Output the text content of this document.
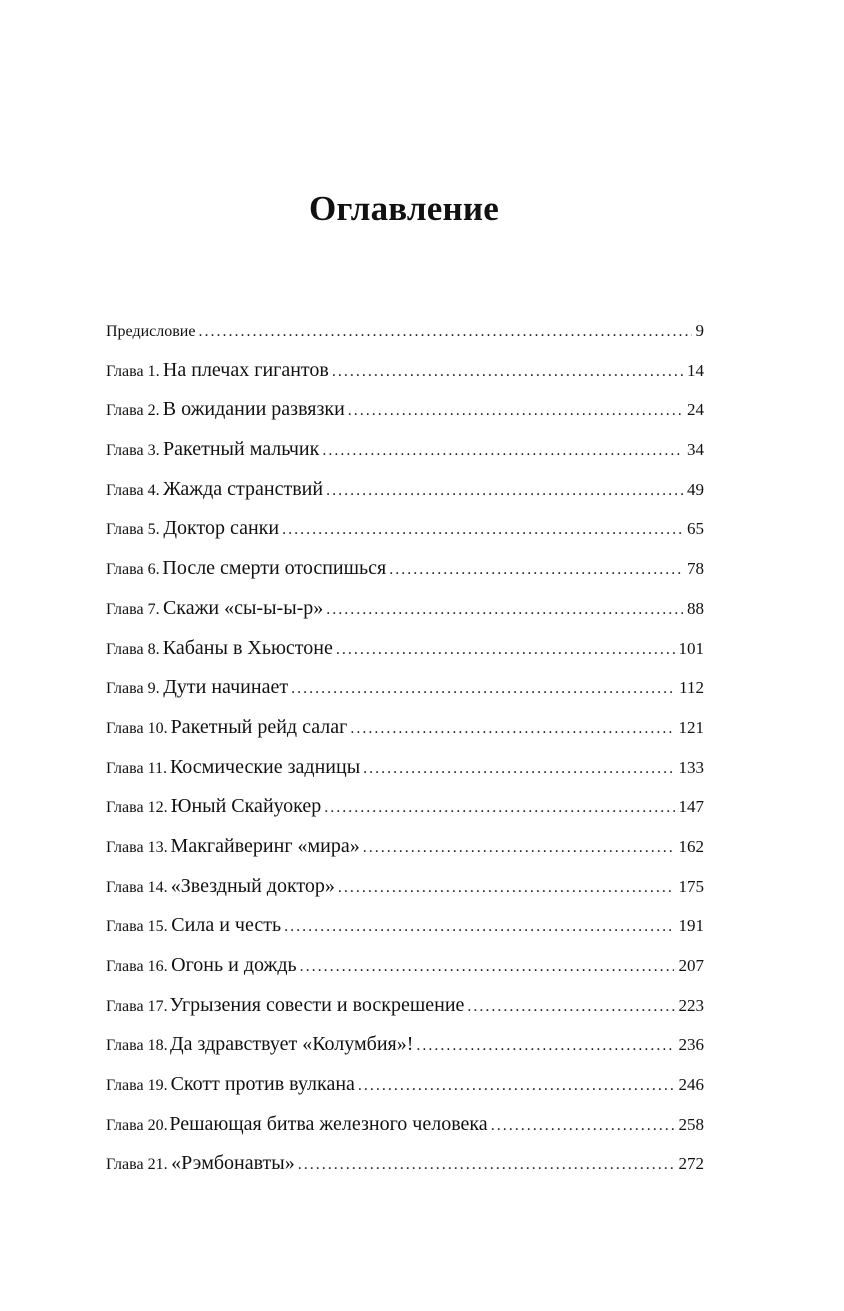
Оглавление
Предисловие . . .	9
Глава 1. На плечах гигантов . . .	14
Глава 2. В ожидании развязки . . .	24
Глава 3. Ракетный мальчик . . .	34
Глава 4. Жажда странствий . . .	49
Глава 5. Доктор санки . . .	65
Глава 6. После смерти отоспишься . . .	78
Глава 7. Скажи «сы-ы-ы-р» . . .	88
Глава 8. Кабаны в Хьюстоне . . .	101
Глава 9. Дути начинает . . .	112
Глава 10. Ракетный рейд салаг . . .	121
Глава 11. Космические задницы . . .	133
Глава 12. Юный Скайуокер . . .	147
Глава 13. Макгайверинг «мира» . . .	162
Глава 14. «Звездный доктор» . . .	175
Глава 15. Сила и честь . . .	191
Глава 16. Огонь и дождь . . .	207
Глава 17. Угрызения совести и воскрешение . . .	223
Глава 18. Да здравствует «Колумбия»! . . .	236
Глава 19. Скотт против вулкана . . .	246
Глава 20. Решающая битва железного человека . . .	258
Глава 21. «Рэмбонавты» . . .	272
